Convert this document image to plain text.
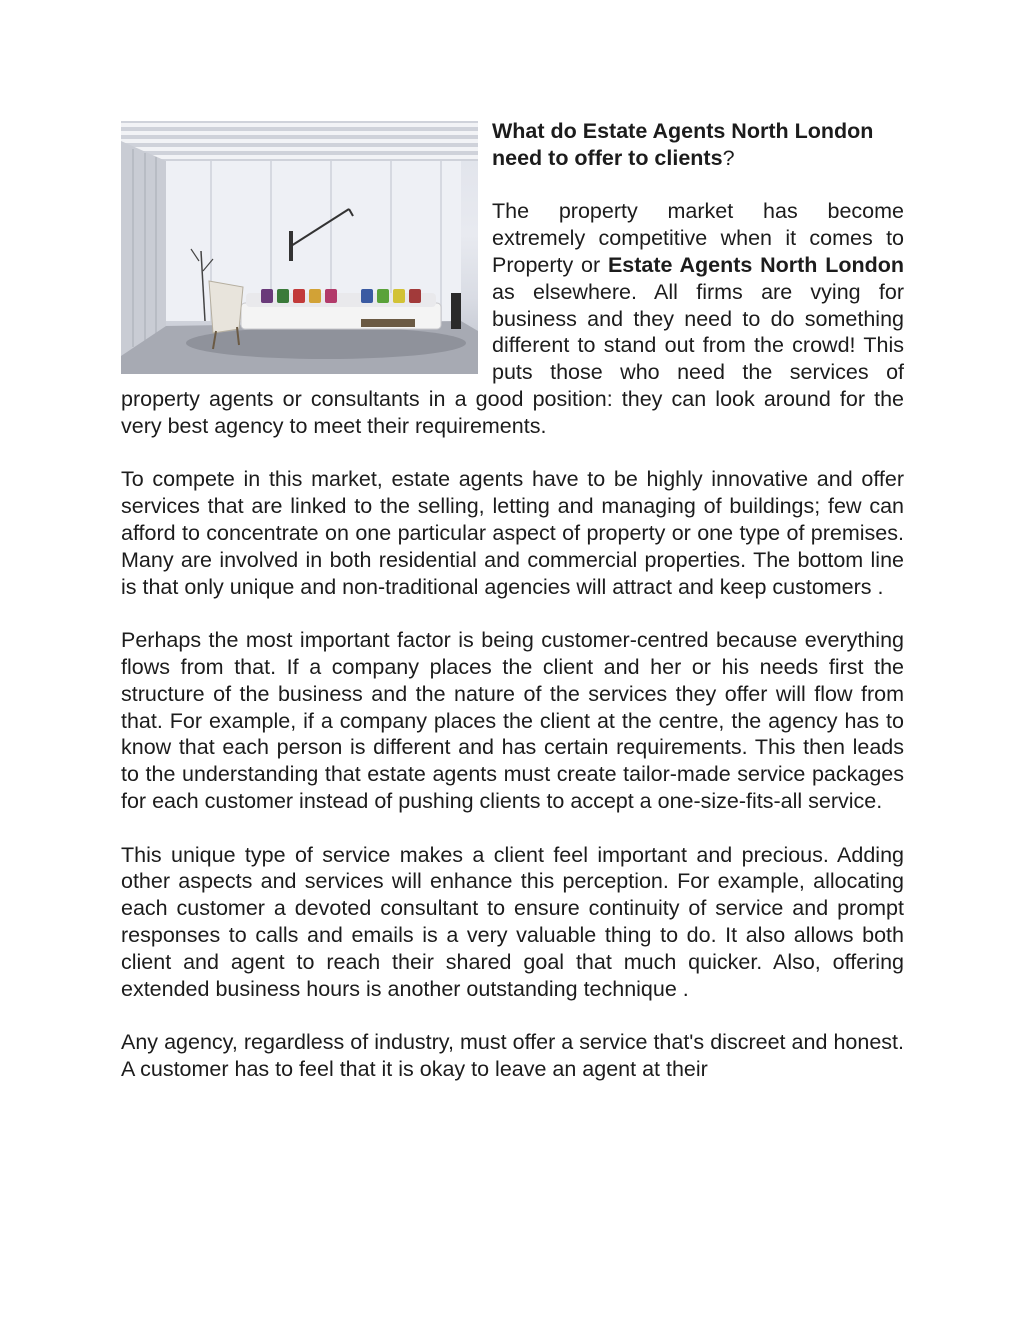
What do Estate Agents North London need to offer to clients?

The property market has become extremely competitive when it comes to Property or Estate Agents North London as elsewhere. All firms are vying for business and they need to do something different to stand out from the crowd! This puts those who need the services of property agents or consultants in a good position: they can look around for the very best agency to meet their requirements.

To compete in this market, estate agents have to be highly innovative and offer services that are linked to the selling, letting and managing of buildings; few can afford to concentrate on one particular aspect of property or one type of premises. Many are involved in both residential and commercial properties. The bottom line is that only unique and non-traditional agencies will attract and keep customers .

Perhaps the most important factor is being customer-centred because everything flows from that. If a company places the client and her or his needs first the structure of the business and the nature of the services they offer will flow from that. For example, if a company places the client at the centre, the agency has to know that each person is different and has certain requirements. This then leads to the understanding that estate agents must create tailor-made service packages for each customer instead of pushing clients to accept a one-size-fits-all service.

This unique type of service makes a client feel important and precious. Adding other aspects and services will enhance this perception. For example, allocating each customer a devoted consultant to ensure continuity of service and prompt responses to calls and emails is a very valuable thing to do. It also allows both client and agent to reach their shared goal that much quicker. Also, offering extended business hours is another outstanding technique .

Any agency, regardless of industry, must offer a service that's discreet and honest. A customer has to feel that it is okay to leave an agent at their
